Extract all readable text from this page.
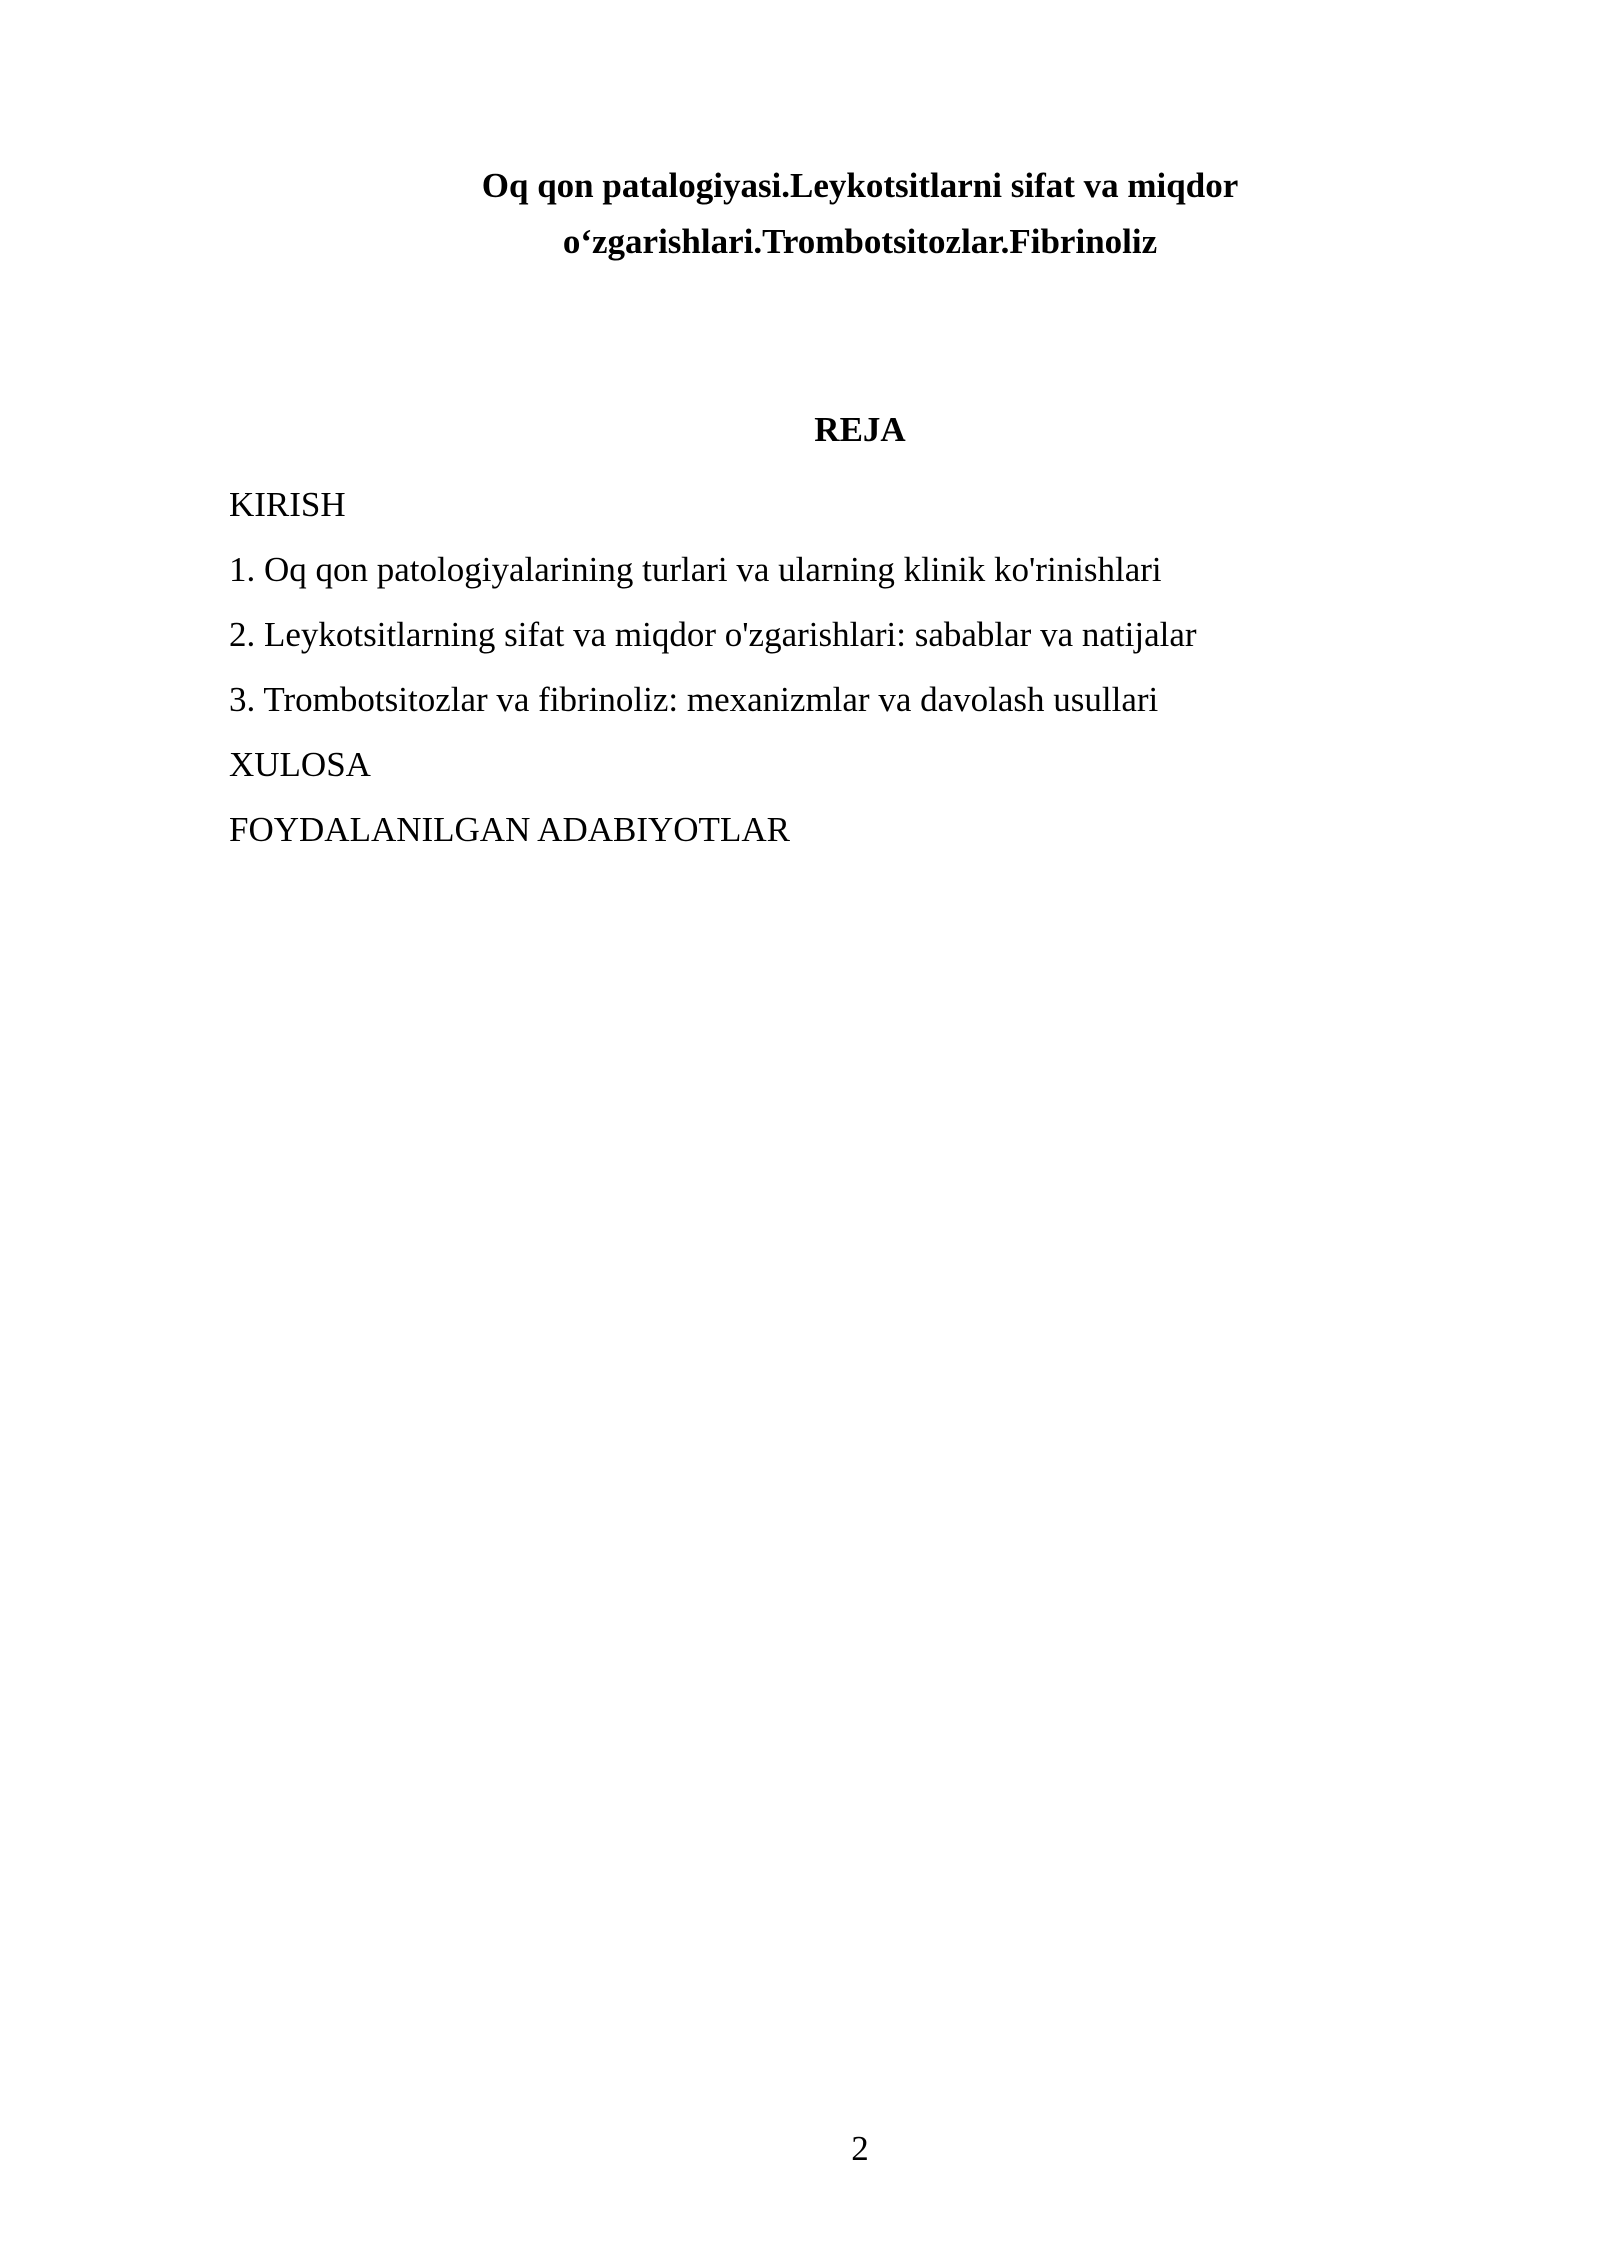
Oq qon patalogiyasi.Leykotsitlarni sifat va miqdor
o‘zgarishlari.Trombotsitozlar.Fibrinoliz
REJA
KIRISH
1. Oq qon patologiyalarining turlari va ularning klinik ko'rinishlari
2. Leykotsitlarning sifat va miqdor o'zgarishlari: sabablar va natijalar
3. Trombotsitozlar va fibrinoliz: mexanizmlar va davolash usullari
XULOSA
FOYDALANILGAN ADABIYOTLAR
2
